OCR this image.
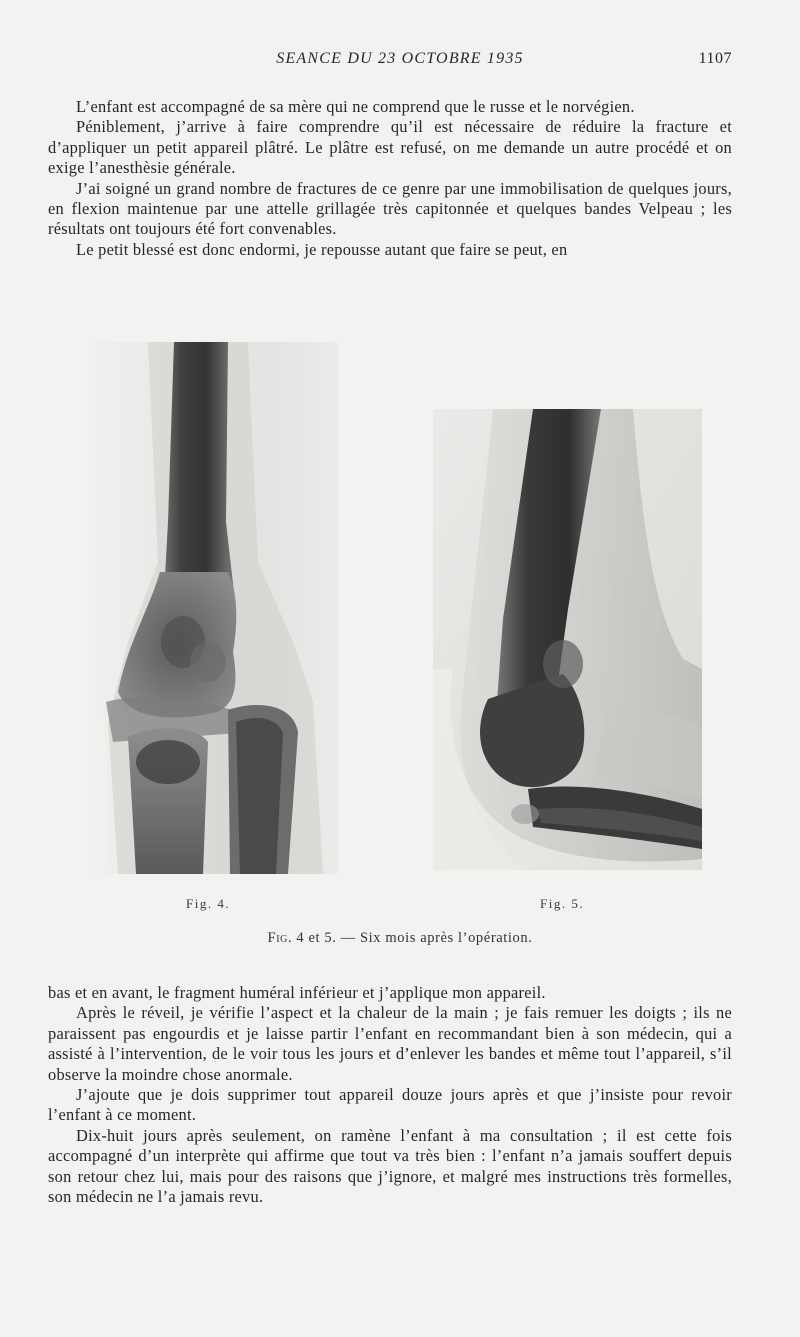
SEANCE DU 23 OCTOBRE 1935	1107

L’enfant est accompagné de sa mère qui ne comprend que le russe et le norvégien.

Péniblement, j’arrive à faire comprendre qu’il est nécessaire de réduire la fracture et d’appliquer un petit appareil plâtré. Le plâtre est refusé, on me demande un autre procédé et on exige l’anesthèsie générale.

J’ai soigné un grand nombre de fractures de ce genre par une immobilisation de quelques jours, en flexion maintenue par une attelle grillagée très capitonnée et quelques bandes Velpeau ; les résultats ont toujours été fort convenables.

Le petit blessé est donc endormi, je repousse autant que faire se peut, en

Fig. 4.	Fig. 5.
Fig. 4 et 5. — Six mois après l’opération.

bas et en avant, le fragment huméral inférieur et j’applique mon appareil.

Après le réveil, je vérifie l’aspect et la chaleur de la main ; je fais remuer les doigts ; ils ne paraissent pas engourdis et je laisse partir l’enfant en recommandant bien à son médecin, qui a assisté à l’intervention, de le voir tous les jours et d’enlever les bandes et même tout l’appareil, s’il observe la moindre chose anormale.

J’ajoute que je dois supprimer tout appareil douze jours après et que j’insiste pour revoir l’enfant à ce moment.

Dix-huit jours après seulement, on ramène l’enfant à ma consultation ; il est cette fois accompagné d’un interprète qui affirme que tout va très bien : l’enfant n’a jamais souffert depuis son retour chez lui, mais pour des raisons que j’ignore, et malgré mes instructions très formelles, son médecin ne l’a jamais revu.
